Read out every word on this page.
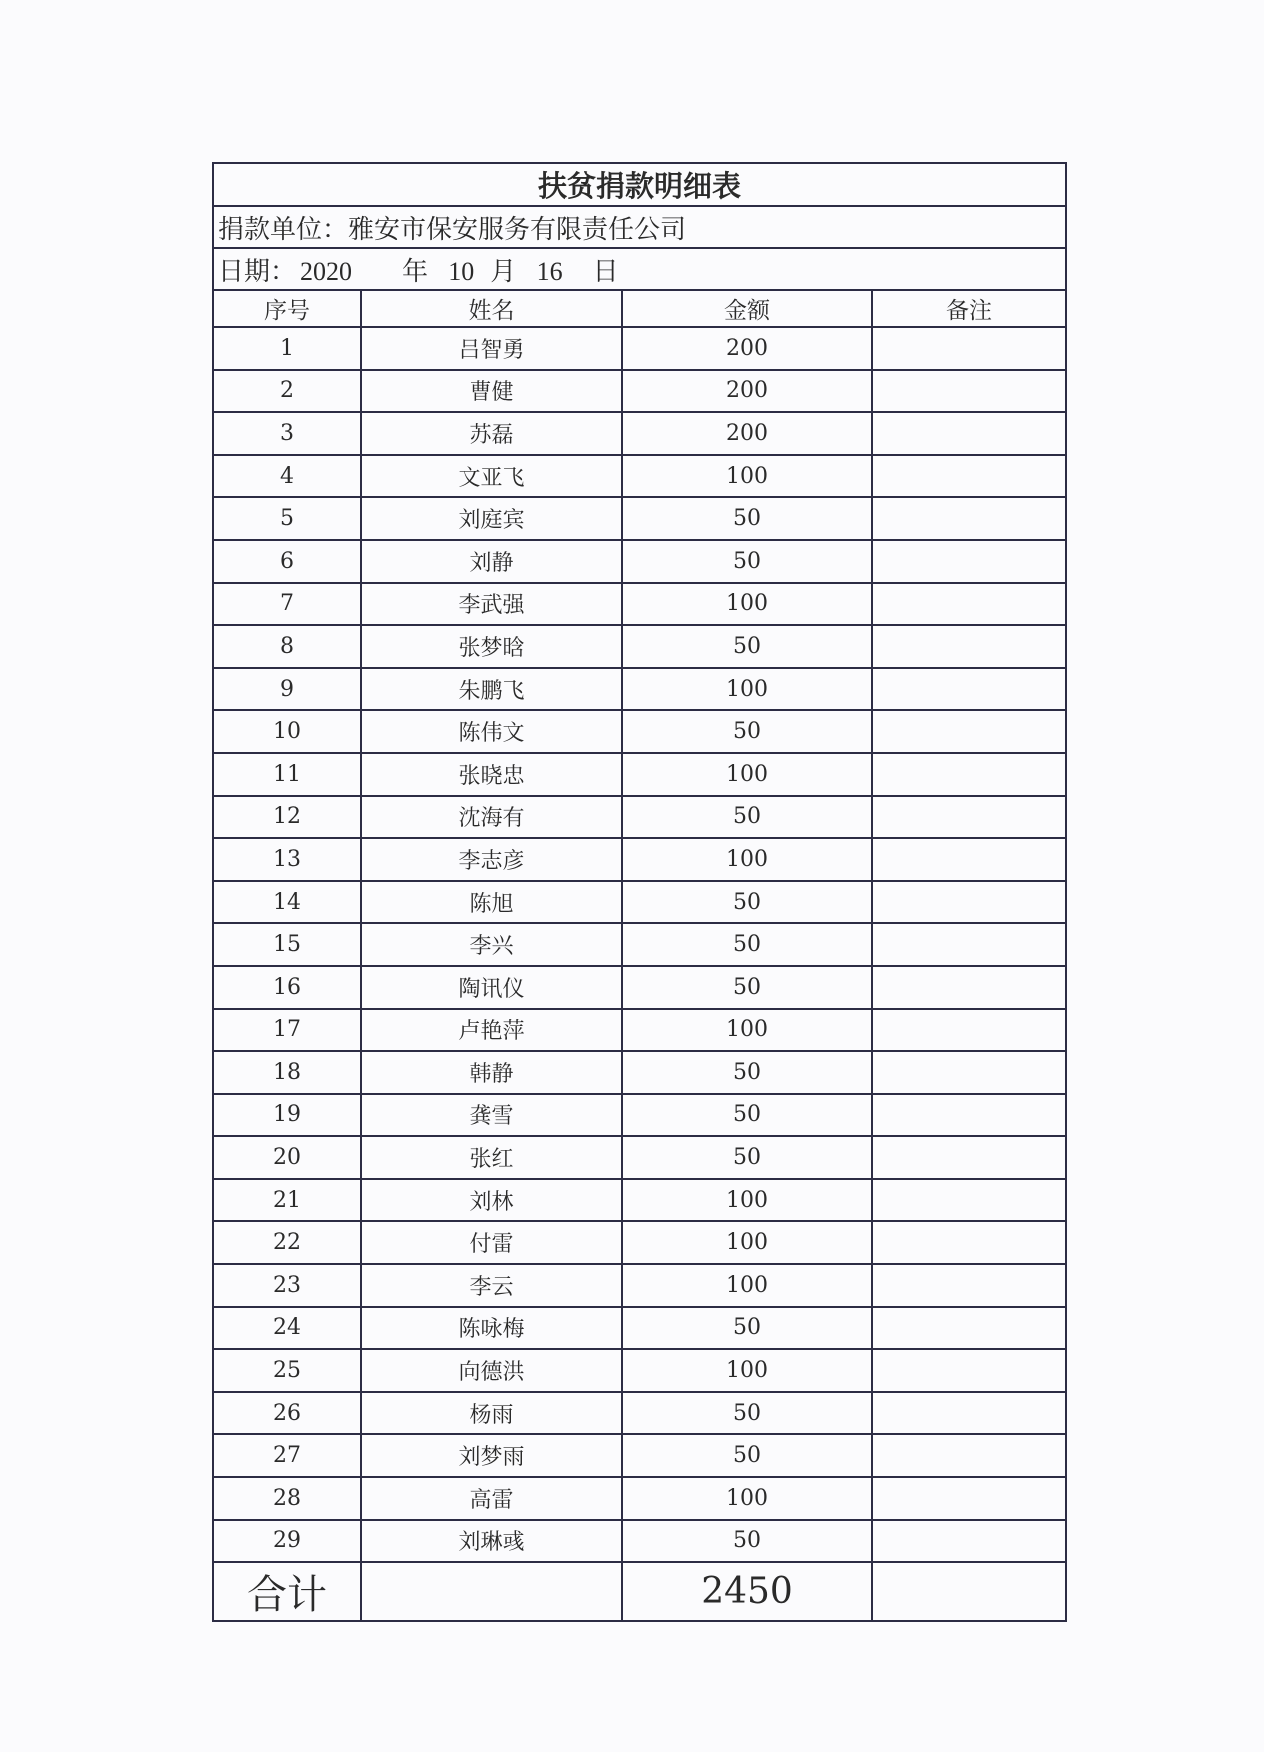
扶贫捐款明细表			
捐款单位：雅安市保安服务有限责任公司			
日期： 2020 年 10 月 16 日			
序号	姓名	金额	备注
1	吕智勇	200	
2	曹健	200	
3	苏磊	200	
4	文亚飞	100	
5	刘庭宾	50	
6	刘静	50	
7	李武强	100	
8	张梦晗	50	
9	朱鹏飞	100	
10	陈伟文	50	
11	张晓忠	100	
12	沈海有	50	
13	李志彦	100	
14	陈旭	50	
15	李兴	50	
16	陶讯仪	50	
17	卢艳萍	100	
18	韩静	50	
19	龚雪	50	
20	张红	50	
21	刘林	100	
22	付雷	100	
23	李云	100	
24	陈咏梅	50	
25	向德洪	100	
26	杨雨	50	
27	刘梦雨	50	
28	高雷	100	
29	刘琳彧	50	
合计		2450	
